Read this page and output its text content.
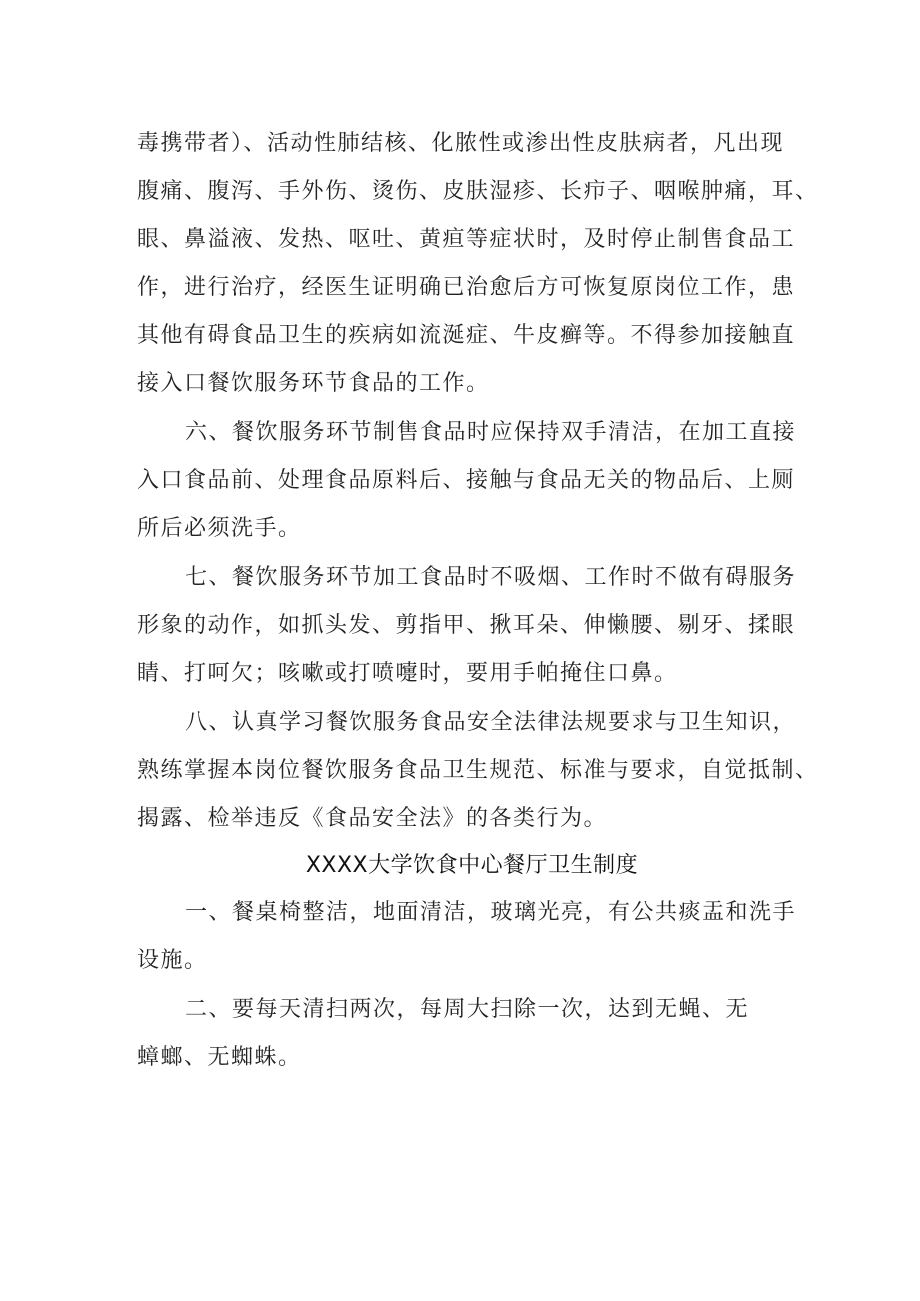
毒携带者）、活动性肺结核、化脓性或渗出性皮肤病者，凡出现
腹痛、腹泻、手外伤、烫伤、皮肤湿疹、长疖子、咽喉肿痛，耳、
眼、鼻溢液、发热、呕吐、黄疸等症状时，及时停止制售食品工
作，进行治疗，经医生证明确已治愈后方可恢复原岗位工作，患
其他有碍食品卫生的疾病如流涎症、牛皮癣等。不得参加接触直
接入口餐饮服务环节食品的工作。

六、餐饮服务环节制售食品时应保持双手清洁，在加工直接
入口食品前、处理食品原料后、接触与食品无关的物品后、上厕
所后必须洗手。

七、餐饮服务环节加工食品时不吸烟、工作时不做有碍服务
形象的动作，如抓头发、剪指甲、揪耳朵、伸懒腰、剔牙、揉眼
睛、打呵欠；咳嗽或打喷嚏时，要用手帕掩住口鼻。

八、认真学习餐饮服务食品安全法律法规要求与卫生知识，
熟练掌握本岗位餐饮服务食品卫生规范、标准与要求，自觉抵制、
揭露、检举违反《食品安全法》的各类行为。

XXXX大学饮食中心餐厅卫生制度

一、餐桌椅整洁，地面清洁，玻璃光亮，有公共痰盂和洗手
设施。

二、要每天清扫两次，每周大扫除一次，达到无蝇、无
蟑螂、无蜘蛛。
